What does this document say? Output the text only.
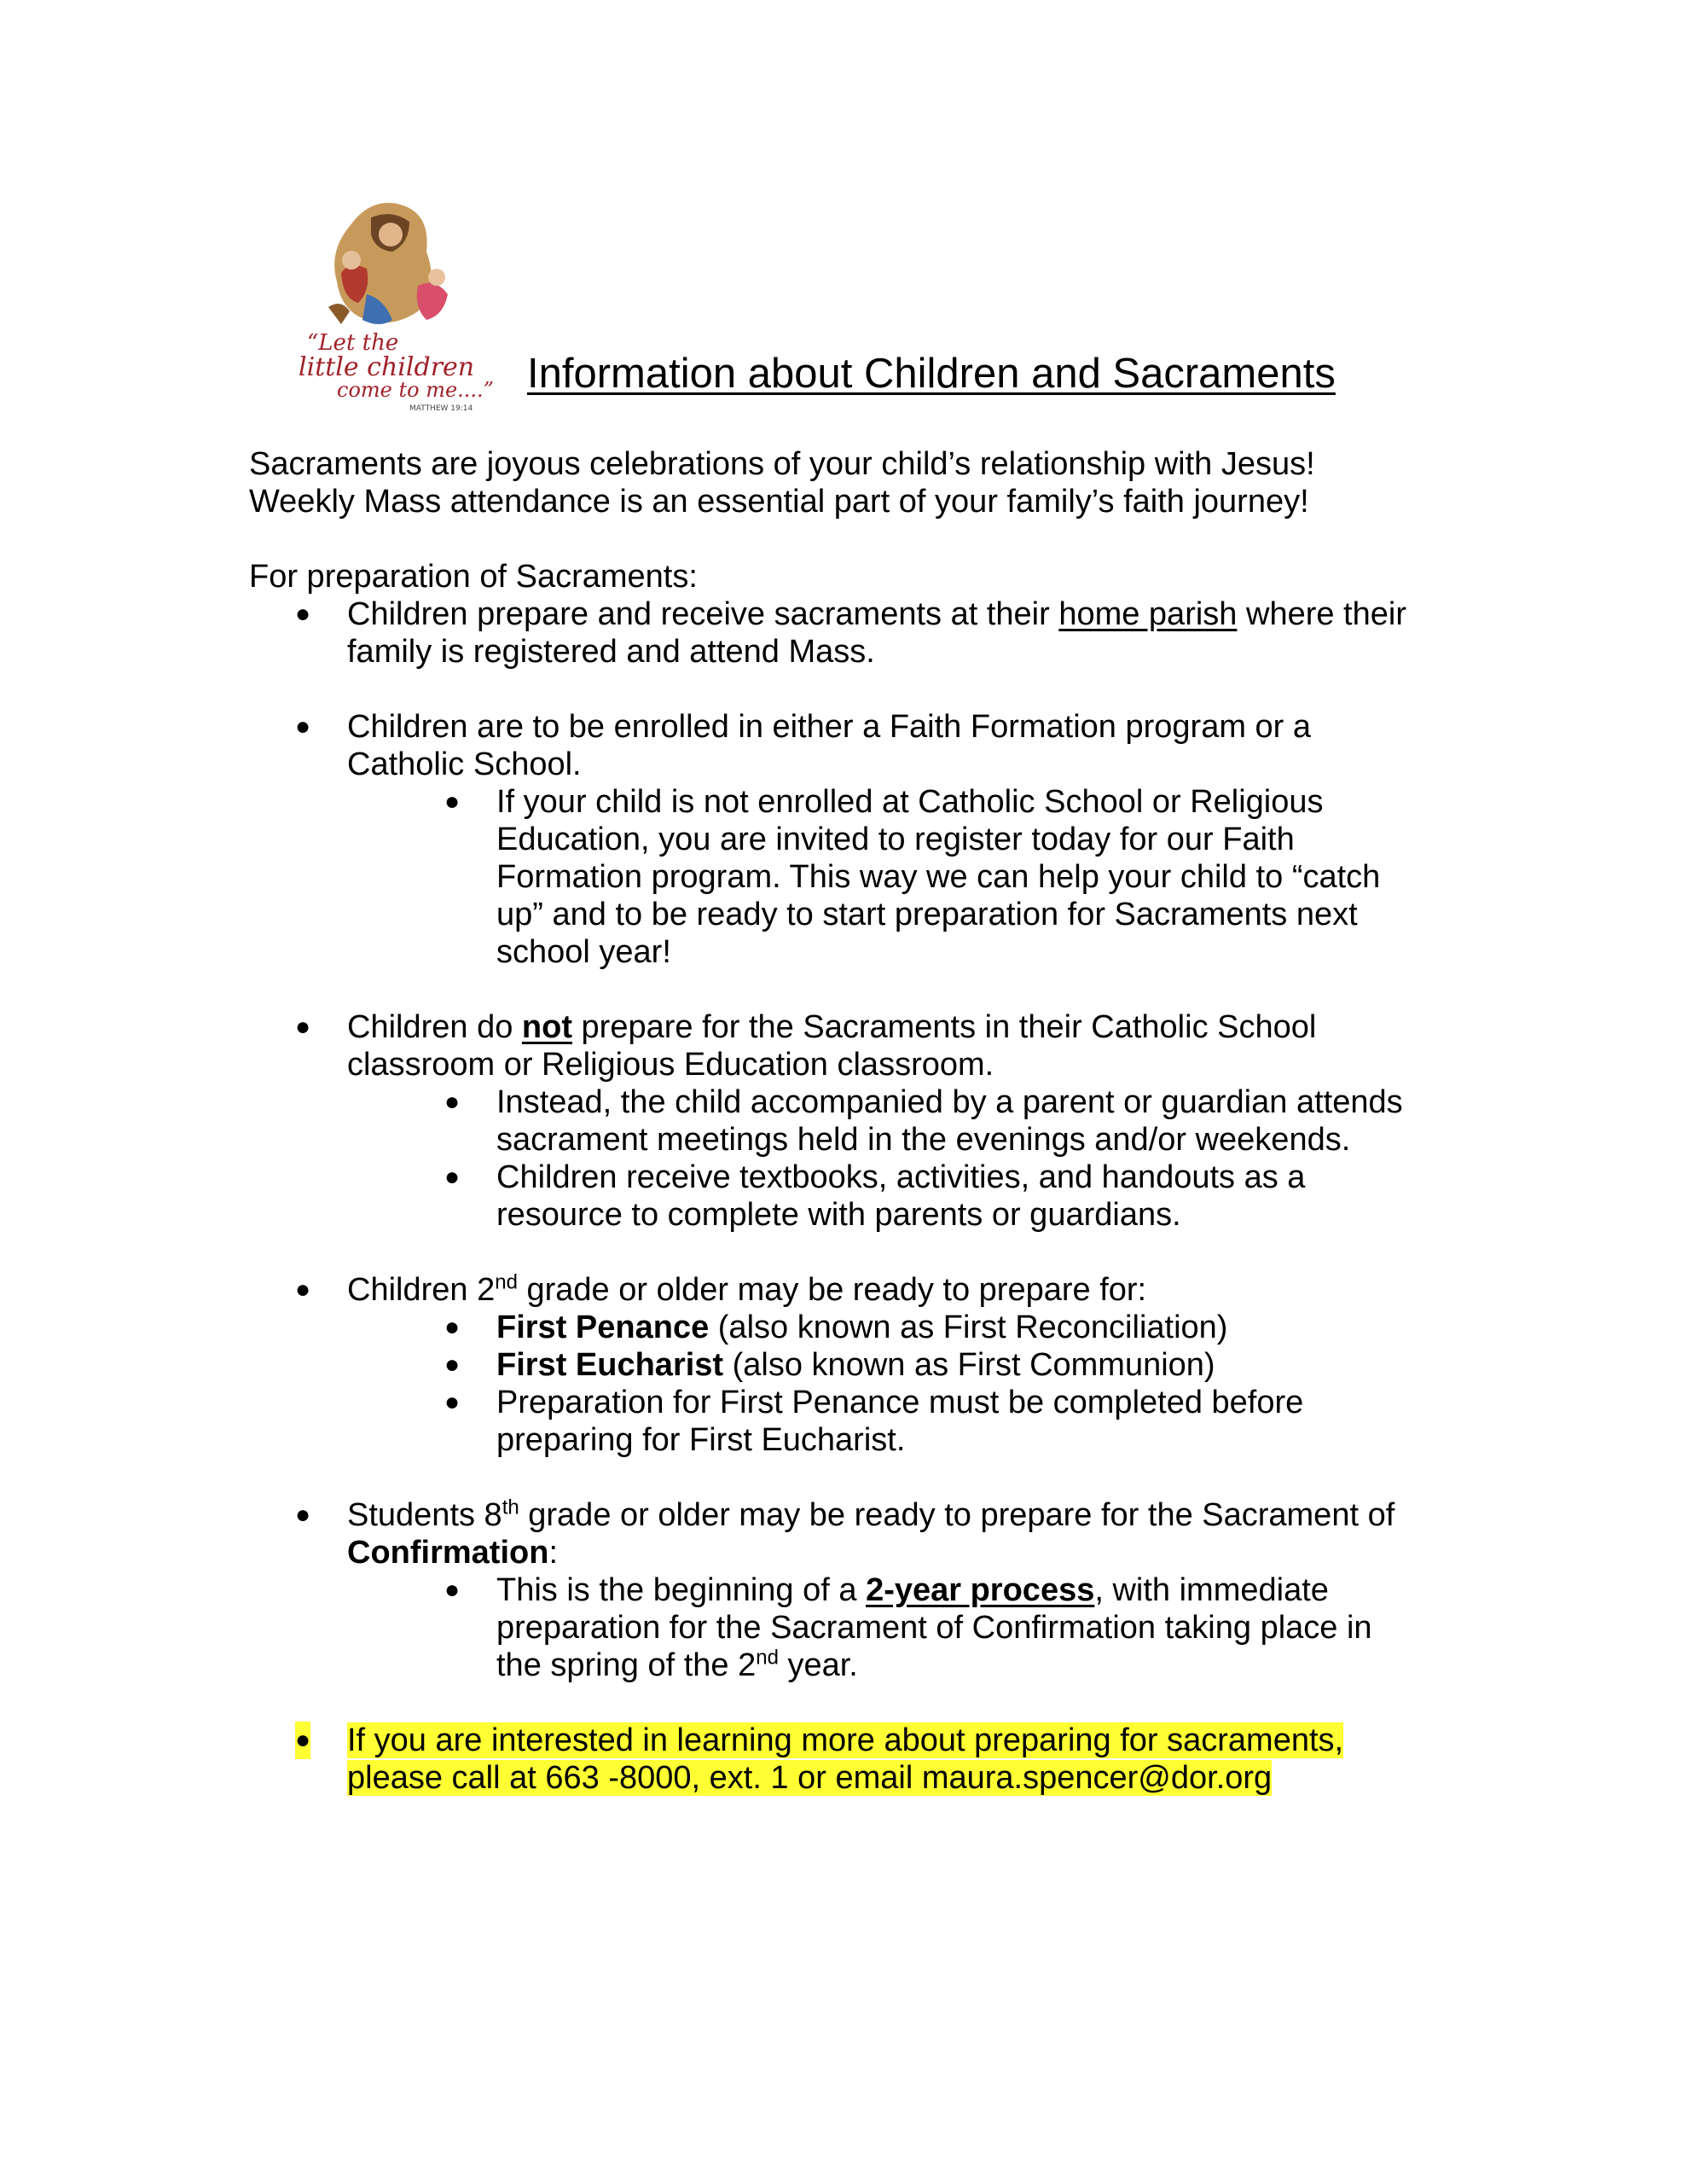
“Let the
little children
come to me....”
MATTHEW 19:14
Information about Children and Sacraments

Sacraments are joyous celebrations of your child’s relationship with Jesus!

Weekly Mass attendance is an essential part of your family’s faith journey!

For preparation of Sacraments:

● Children prepare and receive sacraments at their home parish where their

family is registered and attend Mass.

● Children are to be enrolled in either a Faith Formation program or a

Catholic School.

● If your child is not enrolled at Catholic School or Religious

Education, you are invited to register today for our Faith

Formation program. This way we can help your child to “catch

up” and to be ready to start preparation for Sacraments next

school year!

● Children do not prepare for the Sacraments in their Catholic School

classroom or Religious Education classroom.

● Instead, the child accompanied by a parent or guardian attends

sacrament meetings held in the evenings and/or weekends.

● Children receive textbooks, activities, and handouts as a

resource to complete with parents or guardians.

● Children 2nd grade or older may be ready to prepare for:

● First Penance (also known as First Reconciliation)

● First Eucharist (also known as First Communion)

● Preparation for First Penance must be completed before

preparing for First Eucharist.

● Students 8th grade or older may be ready to prepare for the Sacrament of

Confirmation:

● This is the beginning of a 2-year process, with immediate

preparation for the Sacrament of Confirmation taking place in

the spring of the 2nd year.

● If you are interested in learning more about preparing for sacraments,

please call at 663 -8000, ext. 1 or email maura.spencer@dor.org
